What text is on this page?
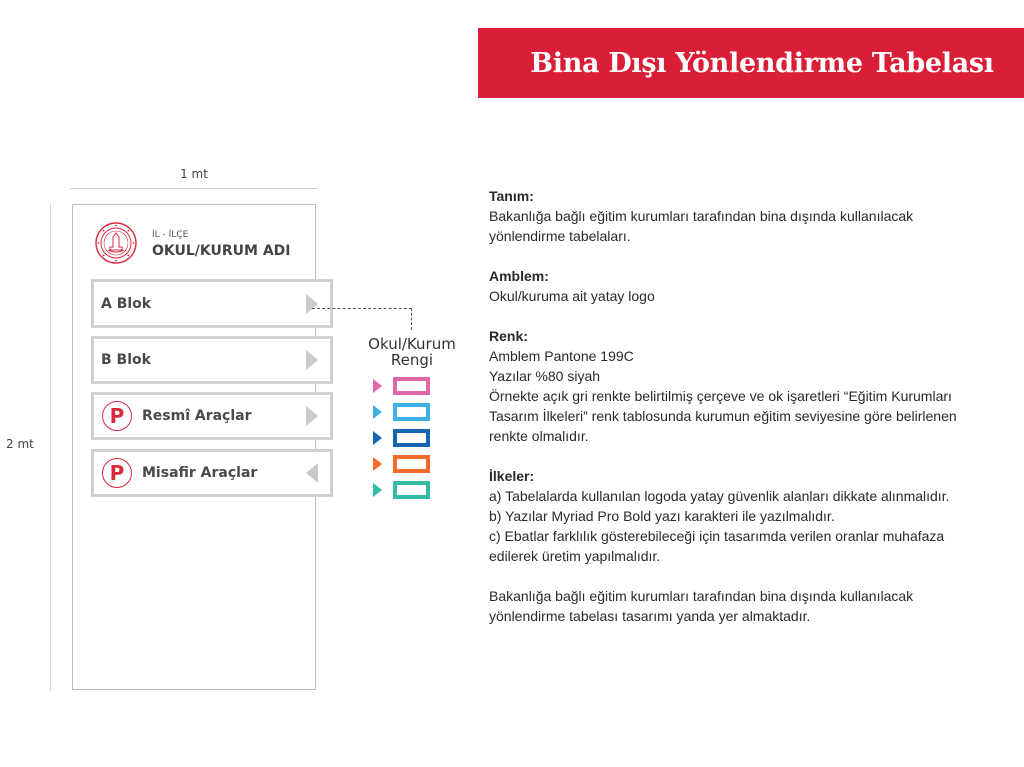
Bina Dışı Yönlendirme Tabelası
1 mt
2 mt
İL - İLÇE
OKUL/KURUM ADI
A Blok
B Blok
P	Resmî Araçlar
P	Misafir Araçlar
Okul/Kurum
Rengi

Tanım:

Bakanlığa bağlı eğitim kurumları tarafından bina dışında kullanılacak yönlendirme tabelaları.

Amblem:

Okul/kuruma ait yatay logo

Renk:

Amblem Pantone 199C

Yazılar %80 siyah

Örnekte açık gri renkte belirtilmiş çerçeve ve ok işaretleri “Eğitim Kurumları Tasarım İlkeleri” renk tablosunda kurumun eğitim seviyesine göre belirlenen renkte olmalıdır.

İlkeler:

a) Tabelalarda kullanılan logoda yatay güvenlik alanları dikkate alınmalıdır.

b) Yazılar Myriad Pro Bold yazı karakteri ile yazılmalıdır.

c) Ebatlar farklılık gösterebileceği için tasarımda verilen oranlar muhafaza edilerek üretim yapılmalıdır.

Bakanlığa bağlı eğitim kurumları tarafından bina dışında kullanılacak yönlendirme tabelası tasarımı yanda yer almaktadır.
